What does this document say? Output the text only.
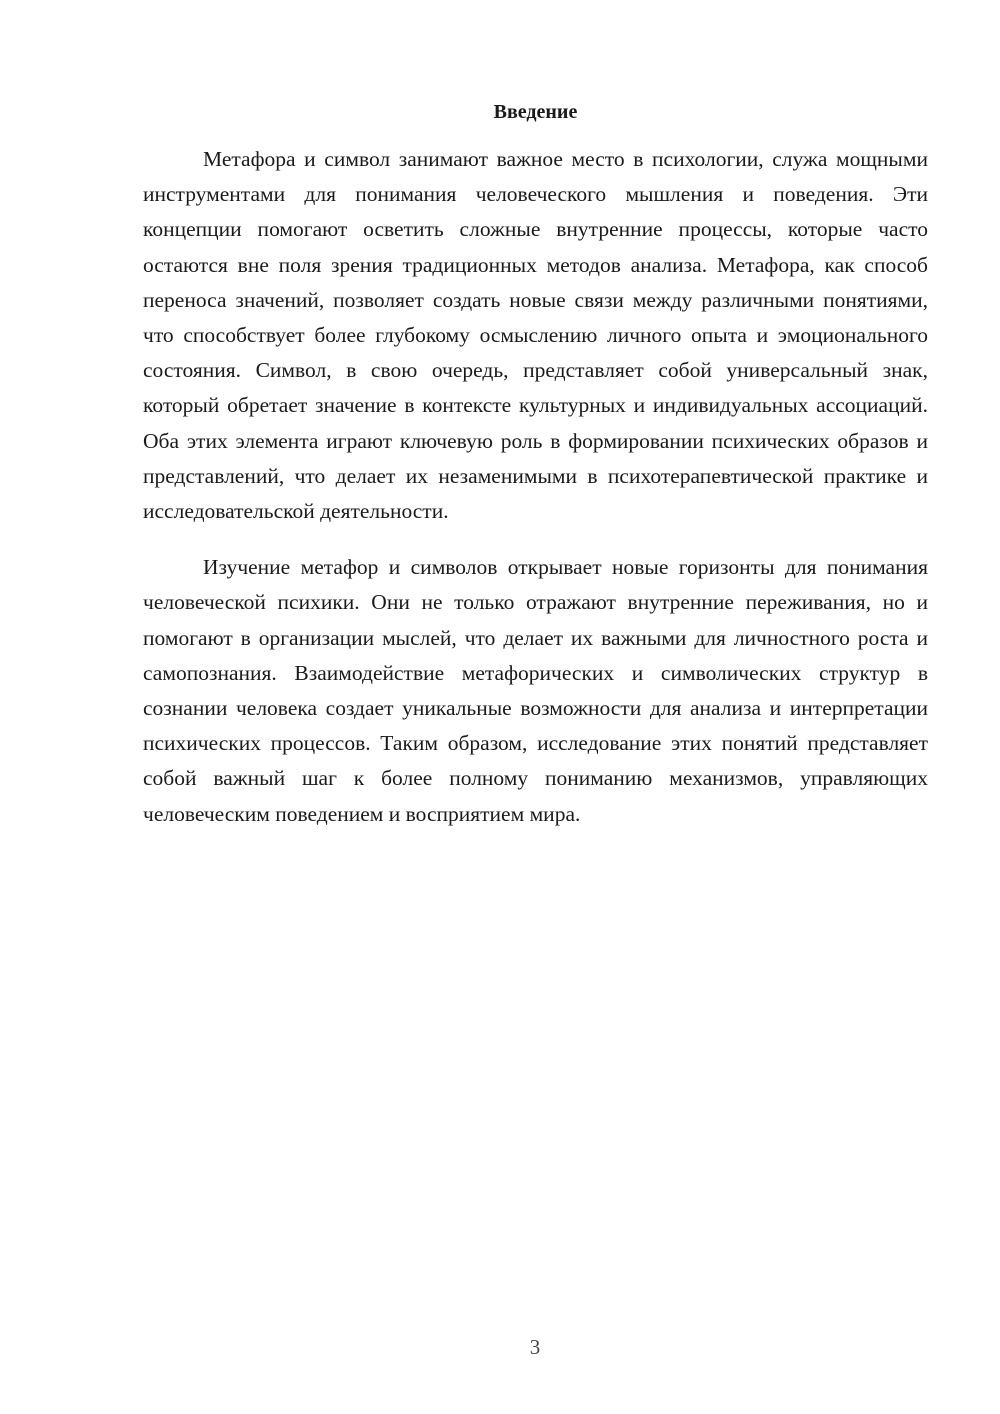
Введение

Метафора и символ занимают важное место в психологии, служа мощными инструментами для понимания человеческого мышления и поведения. Эти концепции помогают осветить сложные внутренние процессы, которые часто остаются вне поля зрения традиционных методов анализа. Метафора, как способ переноса значений, позволяет создать новые связи между различными понятиями, что способствует более глубокому осмыслению личного опыта и эмоционального состояния. Символ, в свою очередь, представляет собой универсальный знак, который обретает значение в контексте культурных и индивидуальных ассоциаций. Оба этих элемента играют ключевую роль в формировании психических образов и представлений, что делает их незаменимыми в психотерапевтической практике и исследовательской деятельности.

Изучение метафор и символов открывает новые горизонты для понимания человеческой психики. Они не только отражают внутренние переживания, но и помогают в организации мыслей, что делает их важными для личностного роста и самопознания. Взаимодействие метафорических и символических структур в сознании человека создает уникальные возможности для анализа и интерпретации психических процессов. Таким образом, исследование этих понятий представляет собой важный шаг к более полному пониманию механизмов, управляющих человеческим поведением и восприятием мира.

3
